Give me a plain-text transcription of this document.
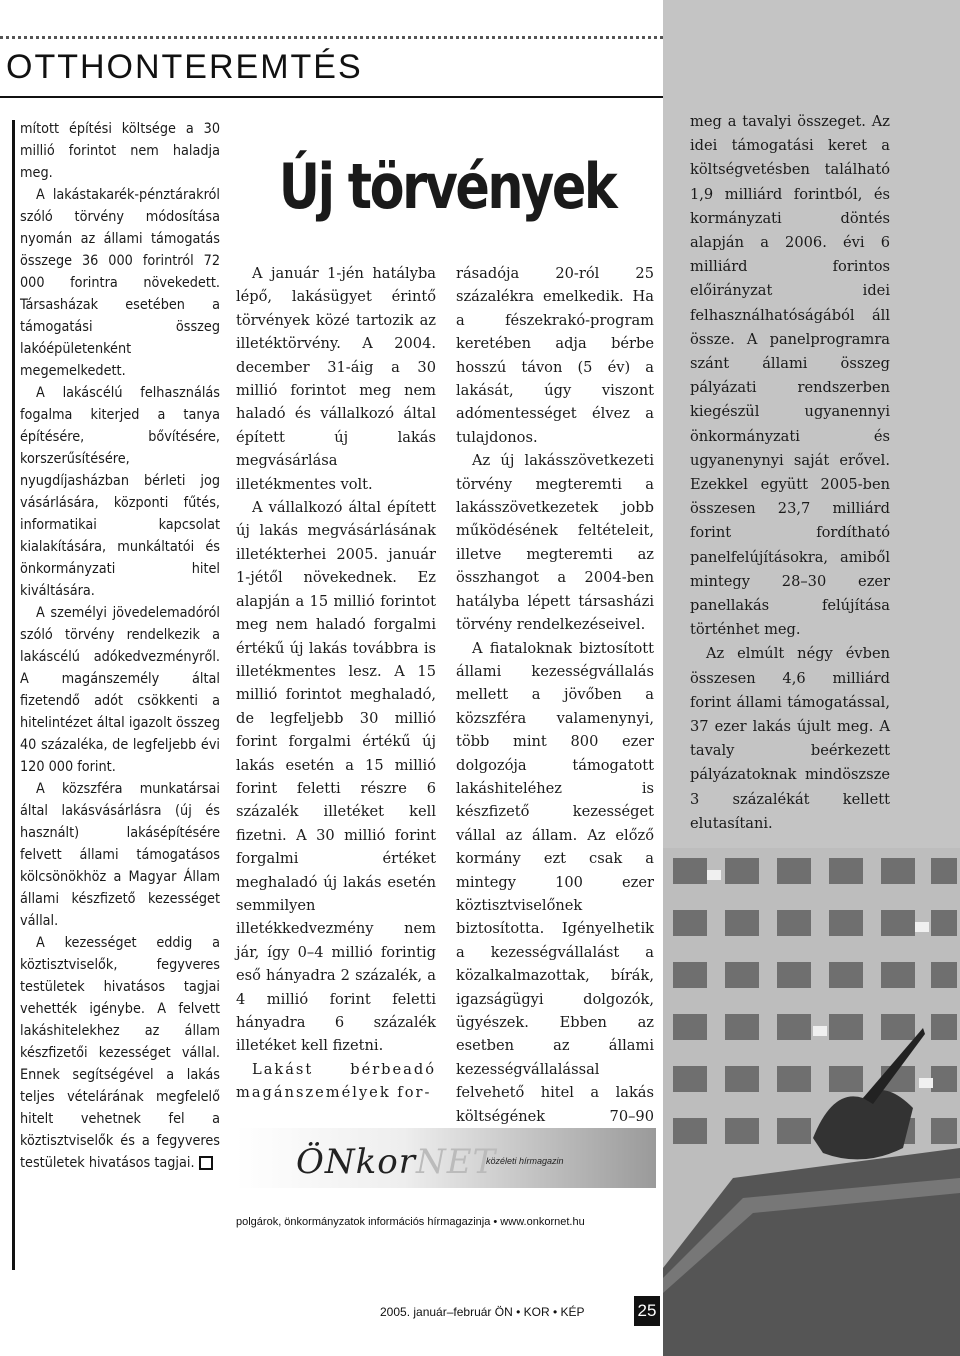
OTTHONTEREMTÉS

mított építési költsége a 30 millió forintot nem haladja meg.

A lakástakarék-pénztárakról szóló törvény módosítása nyomán az állami támogatás összege 36 000 forintról 72 000 forintra növekedett. Társasházak esetében a támogatási összeg lakóépületenként megemelkedett.

A lakáscélú felhasználás fogalma kiterjed a tanya építésére, bővítésére, korszerűsítésére, nyugdíjasházban bérleti jog vásárlására, központi fűtés, informatikai kapcsolat kialakítására, munkáltatói és önkormányzati hitel kiváltására.

A személyi jövedelemadóról szóló törvény rendelkezik a lakáscélú adókedvezményről. A magánszemély által fizetendő adót csökkenti a hitelintézet által igazolt összeg 40 százaléka, de legfeljebb évi 120 000 forint.

A közszféra munkatársai által lakásvásárlásra (új és használt) lakásépítésére felvett állami támogatásos kölcsönökhöz a Magyar Állam állami készfizető kezességet vállal.

A kezességet eddig a köztisztviselők, fegyveres testületek hivatásos tagjai vehették igénybe. A felvett lakáshitelekhez az állam készfizetői kezességet vállal. Ennek segítségével a lakás teljes vételárának megfelelő hitelt vehetnek fel a köztisztviselők és a fegyveres testületek hivatásos tagjai.

Új törvények

A január 1-jén hatályba lépő, lakásügyet érintő törvények közé tartozik az illetéktörvény. A 2004. december 31-áig a 30 millió forintot meg nem haladó és vállalkozó által épített új lakás megvásárlása illetékmentes volt.

A vállalkozó által épített új lakás megvásárlásának illetékterhei 2005. január 1-jétől növekednek. Ez alapján a 15 millió forintot meg nem haladó forgalmi értékű új lakás továbbra is illetékmentes lesz. A 15 millió forintot meghaladó, de legfeljebb 30 millió forint forgalmi értékű új lakás esetén a 15 millió forint feletti részre 6 százalék illetéket kell fizetni. A 30 millió forint forgalmi értéket meghaladó új lakás esetén semmilyen illetékkedvezmény nem jár, így 0–4 millió forintig eső hányadra 2 százalék, a 4 millió forint feletti hányadra 6 százalék illetéket kell fizetni.

Lakást bérbeadó magánszemélyek for-

rásadója 20-ról 25 százalékra emelkedik. Ha a fészekrakó-program keretében adja bérbe hosszú távon (5 év) a lakását, úgy viszont adómentességet élvez a tulajdonos.

Az új lakásszövetkezeti törvény megteremti a lakásszövetkezetek jobb működésének feltételeit, illetve megteremti az összhangot a 2004-ben hatályba lépett társasházi törvény rendelkezéseivel.

A fiataloknak biztosított állami kezességvállalás mellett a jövőben a közszféra valamenynyi, több mint 800 ezer dolgozója támogatott lakáshiteléhez is készfizető kezességet vállal az állam. Az előző kormány ezt csak a mintegy 100 ezer köztisztviselőnek biztosította. Igényelhetik a kezességvállalást a közalkalmazottak, bírák, igazságügyi dolgozók, ügyészek. Ebben az esetben az állami kezességvállalással felvehető hitel a lakás költségének 70–90

meg a tavalyi összeget. Az idei támogatási keret a költségvetésben található 1,9 milliárd forintból, és kormányzati döntés alapján a 2006. évi 6 milliárd forintos előirányzat idei felhasználhatóságából áll össze. A panelprogramra szánt állami összeg pályázati rendszerben kiegészül ugyanennyi önkormányzati és ugyanenynyi saját erővel. Ezekkel együtt 2005-ben összesen 23,7 milliárd forint fordítható panelfelújításokra, amiből mintegy 28–30 ezer panellakás felújítása történhet meg.

Az elmúlt négy évben összesen 4,6 milliárd forint állami támogatással, 37 ezer lakás újult meg. A tavaly beérkezett pályázatoknak mindöszsze 3 százalékát kellett elutasítani.

ÖNkorNET
közéleti hírmagazin
polgárok, önkormányzatok információs hírmagazinja • www.onkornet.hu
2005. január–február ÖN • KOR • KÉP	25
